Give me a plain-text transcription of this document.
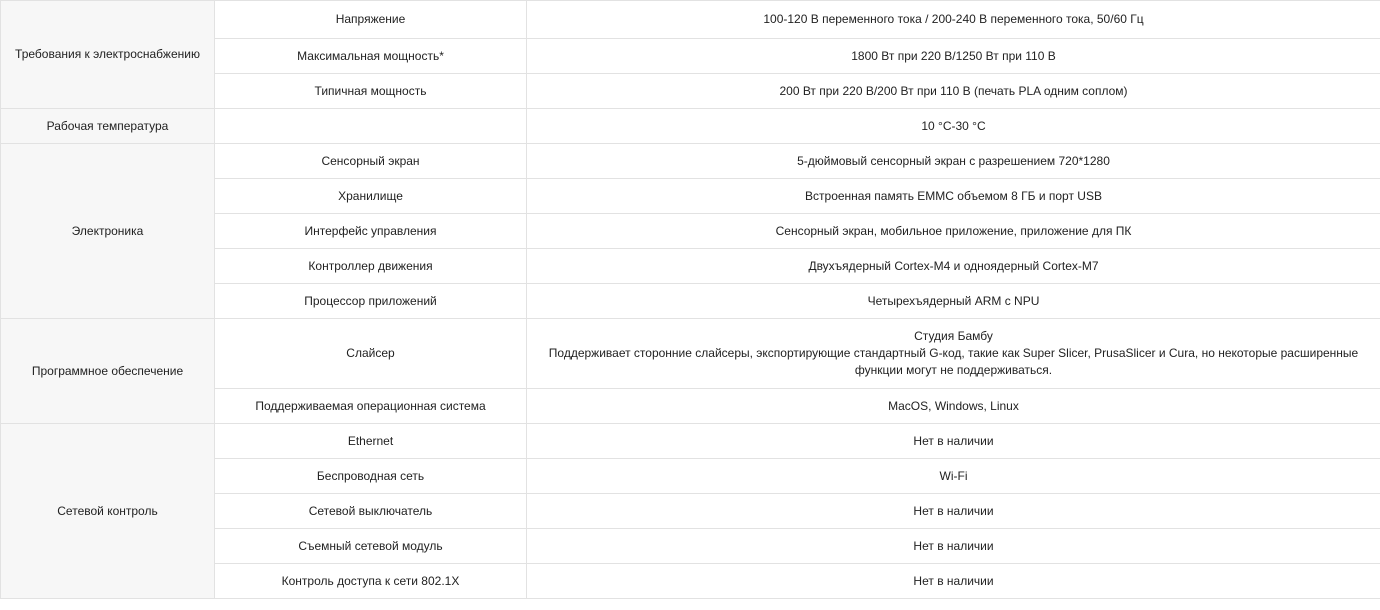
Требования к электроснабжению	Напряжение	100-120 В переменного тока / 200-240 В переменного тока, 50/60 Гц
	Максимальная мощность*	1800 Вт при 220 В/1250 Вт при 110 В
	Типичная мощность	200 Вт при 220 В/200 Вт при 110 В (печать PLA одним соплом)
Рабочая температура		10 °C-30 °C
Электроника	Сенсорный экран	5-дюймовый сенсорный экран с разрешением 720*1280
	Хранилище	Встроенная память EMMC объемом 8 ГБ и порт USB
	Интерфейс управления	Сенсорный экран, мобильное приложение, приложение для ПК
	Контроллер движения	Двухъядерный Cortex-M4 и одноядерный Cortex-M7
	Процессор приложений	Четырехъядерный ARM с NPU
Программное обеспечение	Слайсер	Студия Бамбу
Поддерживает сторонние слайсеры, экспортирующие стандартный G-код, такие как Super Slicer, PrusaSlicer и Cura, но некоторые расширенные функции могут не поддерживаться.

	Поддерживаемая операционная система	MacOS, Windows, Linux
Сетевой контроль	Ethernet	Нет в наличии
	Беспроводная сеть	Wi-Fi
	Сетевой выключатель	Нет в наличии
	Съемный сетевой модуль	Нет в наличии
	Контроль доступа к сети 802.1X	Нет в наличии
